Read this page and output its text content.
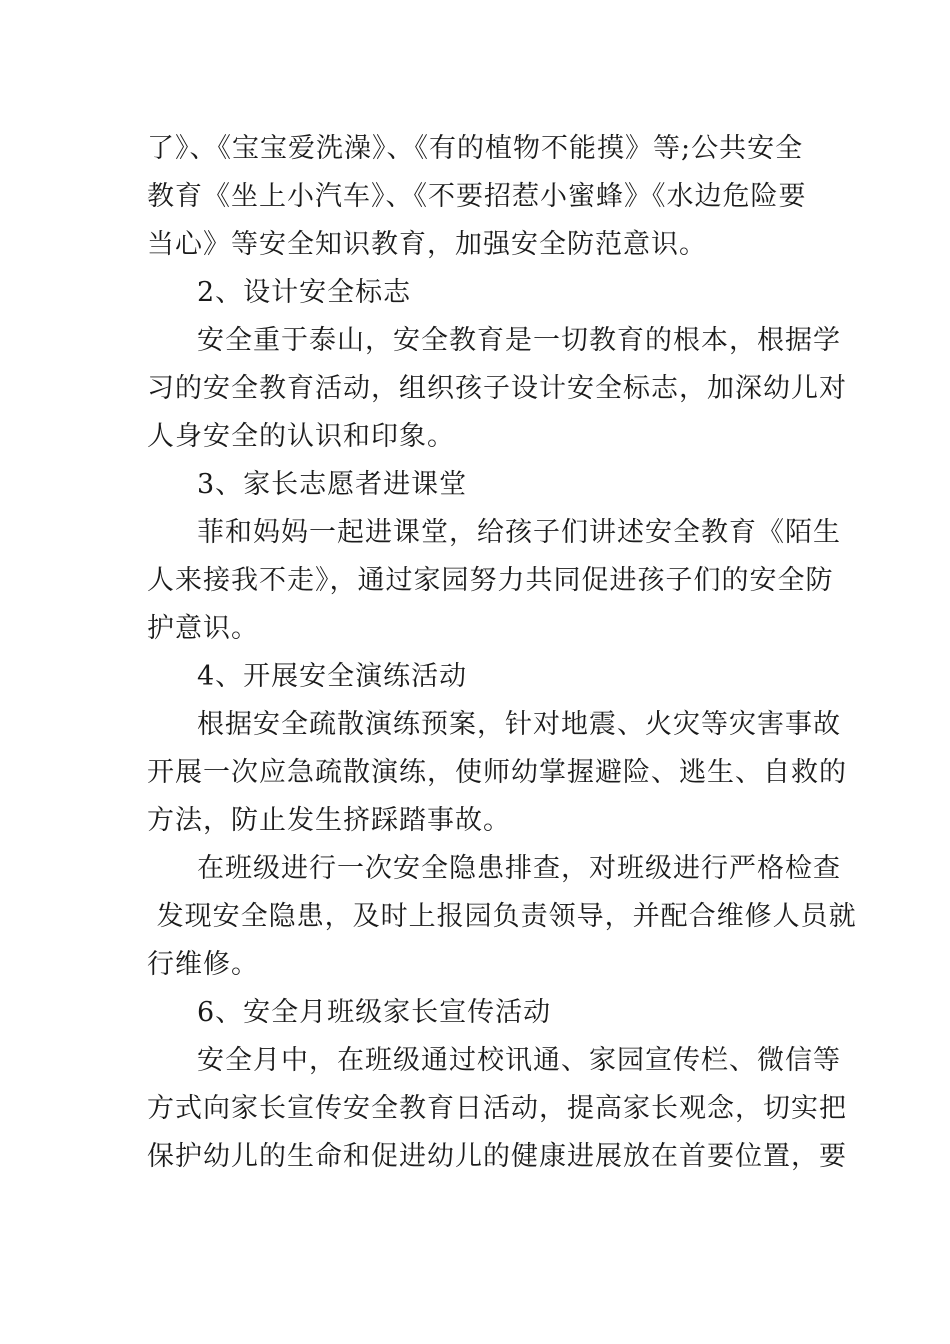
了》、《宝宝爱洗澡》、《有的植物不能摸》等;公共安全
教育《坐上小汽车》、《不要招惹小蜜蜂》《水边危险要
当心》等安全知识教育，加强安全防范意识。
2、设计安全标志
安全重于泰山，安全教育是一切教育的根本，根据学
习的安全教育活动，组织孩子设计安全标志，加深幼儿对
人身安全的认识和印象。
3、家长志愿者进课堂
菲和妈妈一起进课堂，给孩子们讲述安全教育《陌生
人来接我不走》，通过家园努力共同促进孩子们的安全防
护意识。
4、开展安全演练活动
根据安全疏散演练预案，针对地震、火灾等灾害事故
开展一次应急疏散演练，使师幼掌握避险、逃生、自救的
方法，防止发生挤踩踏事故。
在班级进行一次安全隐患排查，对班级进行严格检查
发现安全隐患，及时上报园负责领导，并配合维修人员就
行维修。
6、安全月班级家长宣传活动
安全月中，在班级通过校讯通、家园宣传栏、微信等
方式向家长宣传安全教育日活动，提高家长观念，切实把
保护幼儿的生命和促进幼儿的健康进展放在首要位置，要
